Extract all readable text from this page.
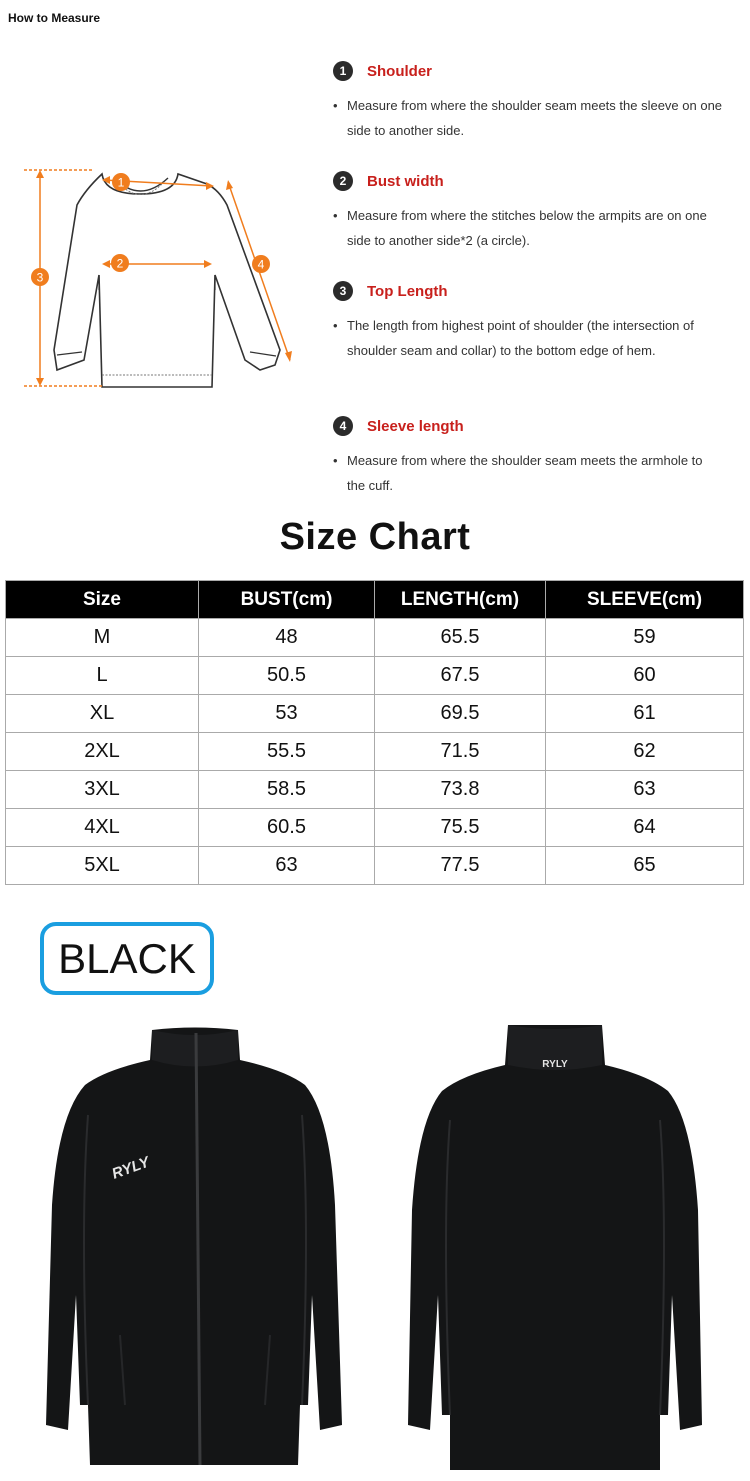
How to Measure
1
2
3
4
1	Shoulder
• Measure from where the shoulder seam meets the sleeve on one side to another side.
2	Bust width
• Measure from where the stitches below the armpits are on one side to another side*2 (a circle).
3	Top Length
• The length from highest point of shoulder (the intersection of shoulder seam and collar) to the bottom edge of hem.
4	Sleeve length
• Measure from where the shoulder seam meets the armhole to the cuff.
Size Chart
Size	BUST(cm)	LENGTH(cm)	SLEEVE(cm)
M	48	65.5	59
L	50.5	67.5	60
XL	53	69.5	61
2XL	55.5	71.5	62
3XL	58.5	73.8	63
4XL	60.5	75.5	64
5XL	63	77.5	65
BLACK
RYLY
RYLY
